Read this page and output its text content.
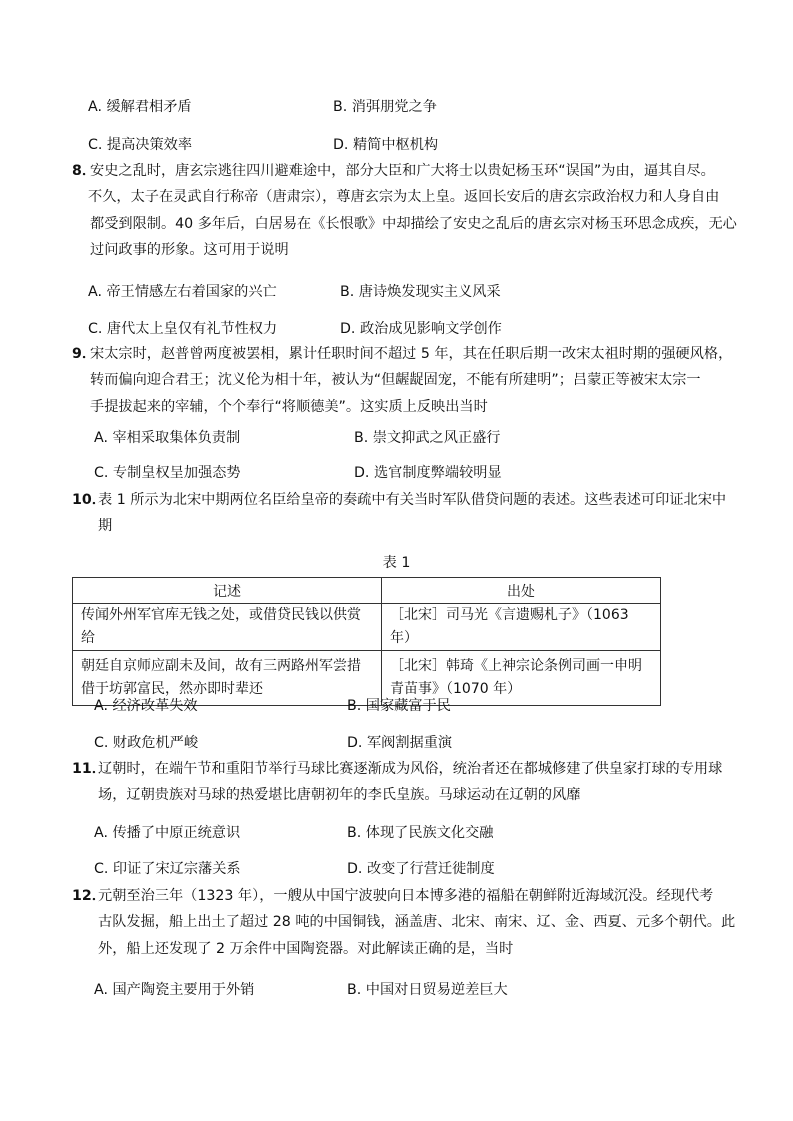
A. 缓解君相矛盾	B. 消弭朋党之争
C. 提高决策效率	D. 精简中枢机构
8．
安史之乱时，唐玄宗逃往四川避难途中，部分大臣和广大将士以贵妃杨玉环“误国”为由，逼其自尽。
不久，太子在灵武自行称帝（唐肃宗），尊唐玄宗为太上皇。返回长安后的唐玄宗政治权力和人身自由
都受到限制。40 多年后，白居易在《长恨歌》中却描绘了安史之乱后的唐玄宗对杨玉环思念成疾，无心
过问政事的形象。这可用于说明
A. 帝王情感左右着国家的兴亡	B. 唐诗焕发现实主义风采
C. 唐代太上皇仅有礼节性权力	D. 政治成见影响文学创作
9．
宋太宗时，赵普曾两度被罢相，累计任职时间不超过 5 年，其在任职后期一改宋太祖时期的强硬风格，
转而偏向迎合君王；沈义伦为相十年，被认为“但龌龊固宠，不能有所建明”；吕蒙正等被宋太宗一
手提拔起来的宰辅，个个奉行“将顺德美”。这实质上反映出当时
A. 宰相采取集体负责制	B. 崇文抑武之风正盛行
C. 专制皇权呈加强态势	D. 选官制度弊端较明显
10．
表 1 所示为北宋中期两位名臣给皇帝的奏疏中有关当时军队借贷问题的表述。这些表述可印证北宋中
期
表 1
记述	出处
传闻外州军官库无钱之处，或借贷民钱以供赏给	［北宋］司马光《言遗赐札子》（1063 年）
朝廷自京师应副未及间，故有三两路州军尝措借于坊郭富民，然亦即时辈还	［北宋］韩琦《上神宗论条例司画一申明青苗事》（1070 年）
A. 经济改革失效	B. 国家藏富于民
C. 财政危机严峻	D. 军阀割据重演
11．
辽朝时，在端午节和重阳节举行马球比赛逐渐成为风俗，统治者还在都城修建了供皇家打球的专用球
场，辽朝贵族对马球的热爱堪比唐朝初年的李氏皇族。马球运动在辽朝的风靡
A. 传播了中原正统意识	B. 体现了民族文化交融
C. 印证了宋辽宗藩关系	D. 改变了行营迁徙制度
12．
元朝至治三年（1323 年），一艘从中国宁波驶向日本博多港的福船在朝鲜附近海域沉没。经现代考
古队发掘，船上出土了超过 28 吨的中国铜钱，涵盖唐、北宋、南宋、辽、金、西夏、元多个朝代。此
外，船上还发现了 2 万余件中国陶瓷器。对此解读正确的是，当时
A. 国产陶瓷主要用于外销	B. 中国对日贸易逆差巨大
